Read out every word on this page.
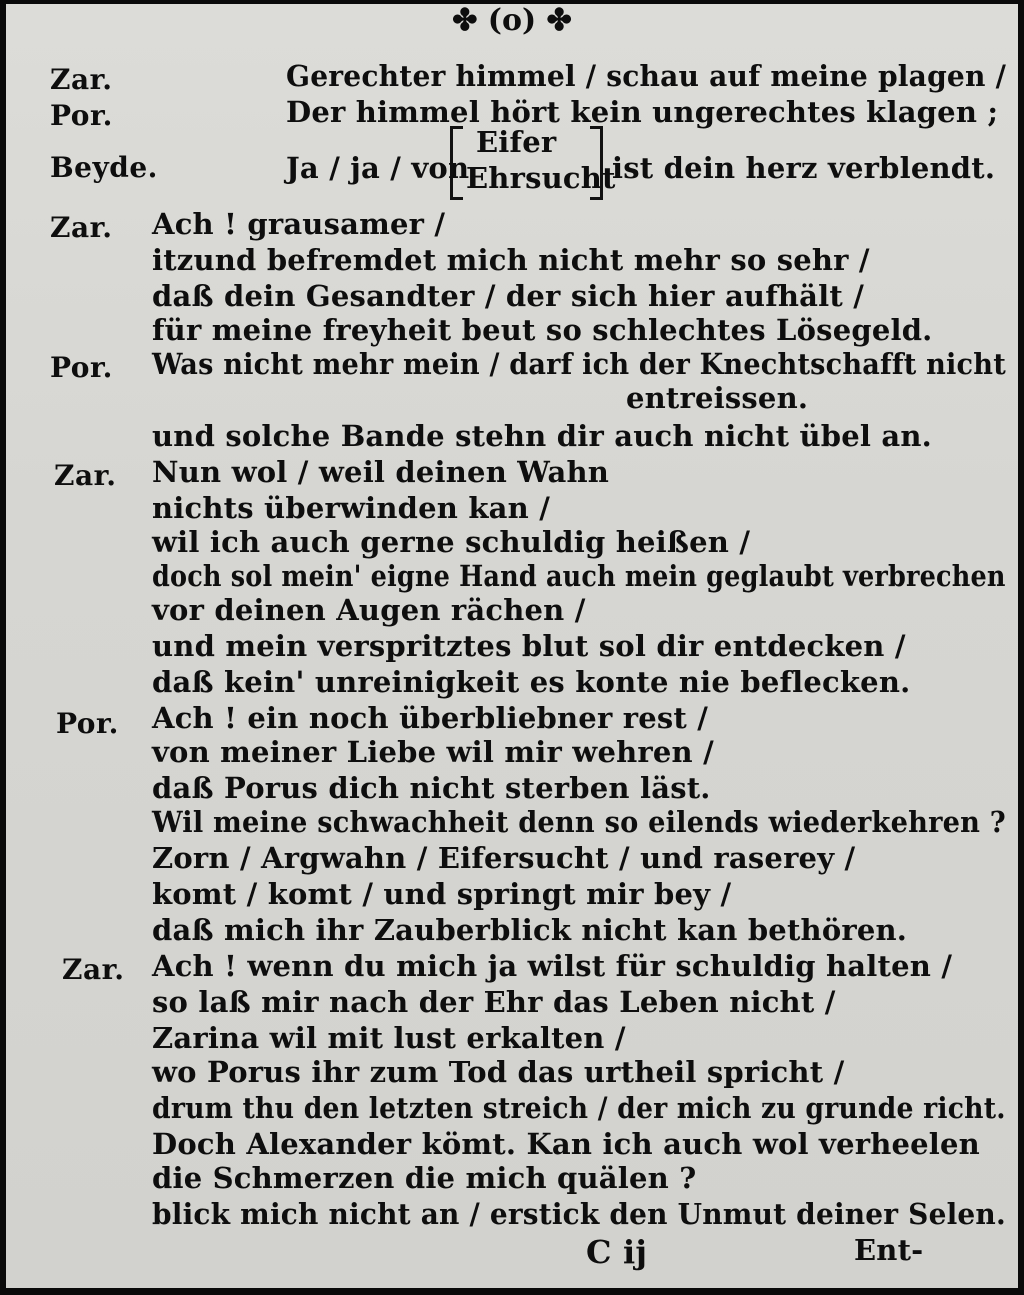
✤ (o) ✤
Zar.
Por.
Beyde.
Zar.
Por.
Zar.
Por.
Zar.
Gerechter himmel / schau auf meine plagen /
Der himmel hört kein ungerechtes klagen ;
Ja / ja / von
Eifer
Ehrsucht
ist dein herz verblendt.
Ach ! grausamer /
itzund befremdet mich nicht mehr so sehr /
daß dein Gesandter / der sich hier aufhält /
für meine freyheit beut so schlechtes Lösegeld.
Was nicht mehr mein / darf ich der Knechtschafft nicht
entreissen.
und solche Bande stehn dir auch nicht übel an.
Nun wol / weil deinen Wahn
nichts überwinden kan /
wil ich auch gerne schuldig heißen /
doch sol mein' eigne Hand auch mein geglaubt verbrechen
vor deinen Augen rächen /
und mein verspritztes blut sol dir entdecken /
daß kein' unreinigkeit es konte nie beflecken.
Ach ! ein noch überbliebner rest /
von meiner Liebe wil mir wehren /
daß Porus dich nicht sterben läst.
Wil meine schwachheit denn so eilends wiederkehren ?
Zorn / Argwahn / Eifersucht / und raserey /
komt / komt / und springt mir bey /
daß mich ihr Zauberblick nicht kan bethören.
Ach ! wenn du mich ja wilst für schuldig halten /
so laß mir nach der Ehr das Leben nicht /
Zarina wil mit lust erkalten /
wo Porus ihr zum Tod das urtheil spricht /
drum thu den letzten streich / der mich zu grunde richt.
Doch Alexander kömt. Kan ich auch wol verheelen
die Schmerzen die mich quälen ?
blick mich nicht an / erstick den Unmut deiner Selen.
C ij	Ent-
